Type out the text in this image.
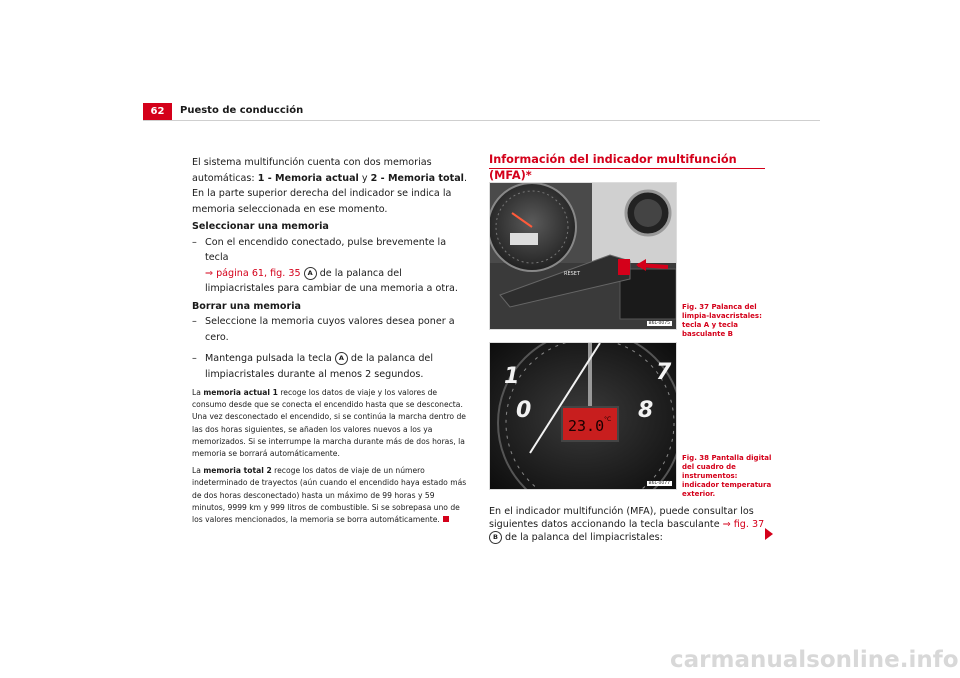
62	Puesto de conducción

El sistema multifunción cuenta con dos memorias automáticas: 1 - Memoria actual y 2 - Memoria total. En la parte superior derecha del indicador se indica la memoria seleccionada en ese momento.

Seleccionar una memoria

– Con el encendido conectado, pulse brevemente la tecla
⇒ página 61, fig. 35 A de la palanca del limpiacristales para cambiar de una memoria a otra.

Borrar una memoria

– Seleccione la memoria cuyos valores desea poner a cero.

– Mantenga pulsada la tecla A de la palanca del limpiacristales durante al menos 2 segundos.

La memoria actual 1 recoge los datos de viaje y los valores de consumo desde que se conecta el encendido hasta que se desconecta. Una vez desconectado el encendido, si se continúa la marcha dentro de las dos horas siguientes, se añaden los valores nuevos a los ya memorizados. Si se interrumpe la marcha durante más de dos horas, la memoria se borrará automáticamente.

La memoria total 2 recoge los datos de viaje de un número indeterminado de trayectos (aún cuando el encendido haya estado más de dos horas desconectado) hasta un máximo de 99 horas y 59 minutos, 9999 km y 999 litros de combustible. Si se sobrepasa uno de los valores mencionados, la memoria se borra automáticamente.

Información del indicador multifunción (MFA)*
RESET
B6L-0075
Fig. 37 Palanca del limpia-lavacristales: tecla A y tecla basculante B
1
0
7
8
23.0 °C
B6L-0077
Fig. 38 Pantalla digital del cuadro de instrumentos: indicador temperatura exterior.

En el indicador multifunción (MFA), puede consultar los siguientes datos accionando la tecla basculante ⇒ fig. 37 B de la palanca del limpiacristales:

carmanualsonline.info
